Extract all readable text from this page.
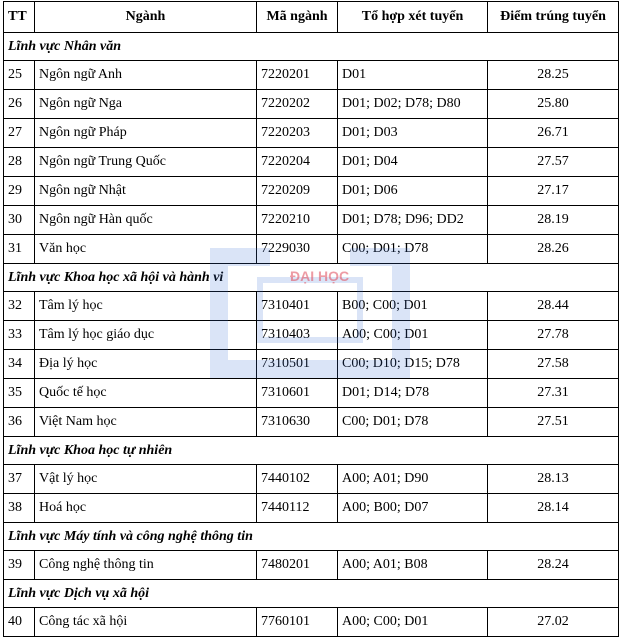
TT	Ngành	Mã ngành	Tổ hợp xét tuyển	Điểm trúng tuyển
Lĩnh vực Nhân văn				
25	Ngôn ngữ Anh	7220201	D01	28.25
26	Ngôn ngữ Nga	7220202	D01; D02; D78; D80	25.80
27	Ngôn ngữ Pháp	7220203	D01; D03	26.71
28	Ngôn ngữ Trung Quốc	7220204	D01; D04	27.57
29	Ngôn ngữ Nhật	7220209	D01; D06	27.17
30	Ngôn ngữ Hàn quốc	7220210	D01; D78; D96; DD2	28.19
31	Văn học	7229030	C00; D01; D78	28.26
Lĩnh vực Khoa học xã hội và hành vi				
32	Tâm lý học	7310401	B00; C00; D01	28.44
33	Tâm lý học giáo dục	7310403	A00; C00; D01	27.78
34	Địa lý học	7310501	C00; D10; D15; D78	27.58
35	Quốc tế học	7310601	D01; D14; D78	27.31
36	Việt Nam học	7310630	C00; D01; D78	27.51
Lĩnh vực Khoa học tự nhiên				
37	Vật lý học	7440102	A00; A01; D90	28.13
38	Hoá học	7440112	A00; B00; D07	28.14
Lĩnh vực Máy tính và công nghệ thông tin				
39	Công nghệ thông tin	7480201	A00; A01; B08	28.24
Lĩnh vực Dịch vụ xã hội				
40	Công tác xã hội	7760101	A00; C00; D01	27.02
ĐẠI HỌC
